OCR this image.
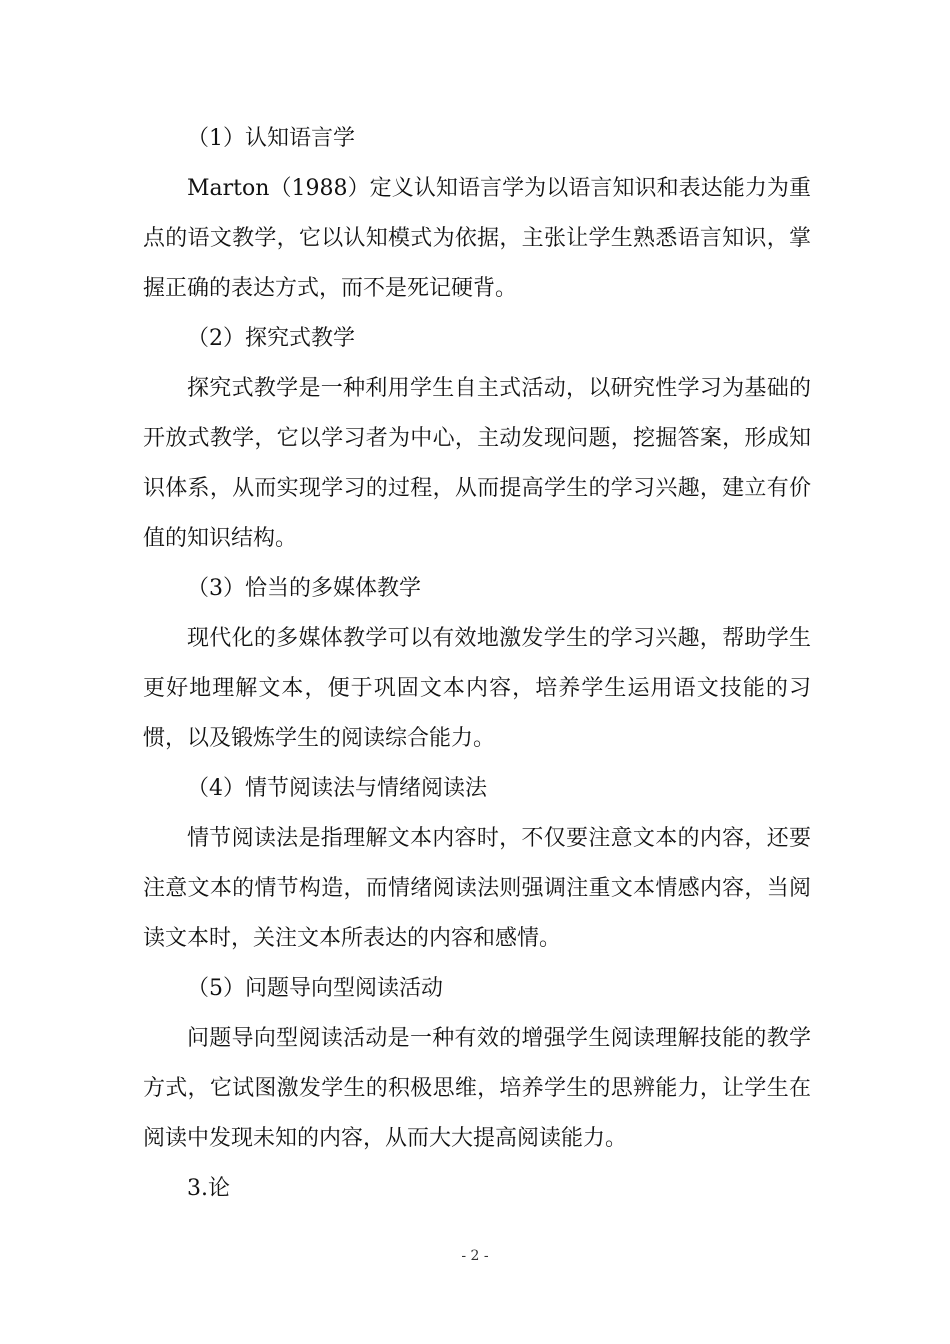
（1）认知语言学

Marton（1988）定义认知语言学为以语言知识和表达能力为重点的语文教学，它以认知模式为依据，主张让学生熟悉语言知识，掌握正确的表达方式，而不是死记硬背。

（2）探究式教学

探究式教学是一种利用学生自主式活动，以研究性学习为基础的开放式教学，它以学习者为中心，主动发现问题，挖掘答案，形成知识体系，从而实现学习的过程，从而提高学生的学习兴趣，建立有价值的知识结构。

（3）恰当的多媒体教学

现代化的多媒体教学可以有效地激发学生的学习兴趣，帮助学生更好地理解文本，便于巩固文本内容，培养学生运用语文技能的习惯，以及锻炼学生的阅读综合能力。

（4）情节阅读法与情绪阅读法

情节阅读法是指理解文本内容时，不仅要注意文本的内容，还要注意文本的情节构造，而情绪阅读法则强调注重文本情感内容，当阅读文本时，关注文本所表达的内容和感情。

（5）问题导向型阅读活动

问题导向型阅读活动是一种有效的增强学生阅读理解技能的教学方式，它试图激发学生的积极思维，培养学生的思辨能力，让学生在阅读中发现未知的内容，从而大大提高阅读能力。

3.论
- 2 -
